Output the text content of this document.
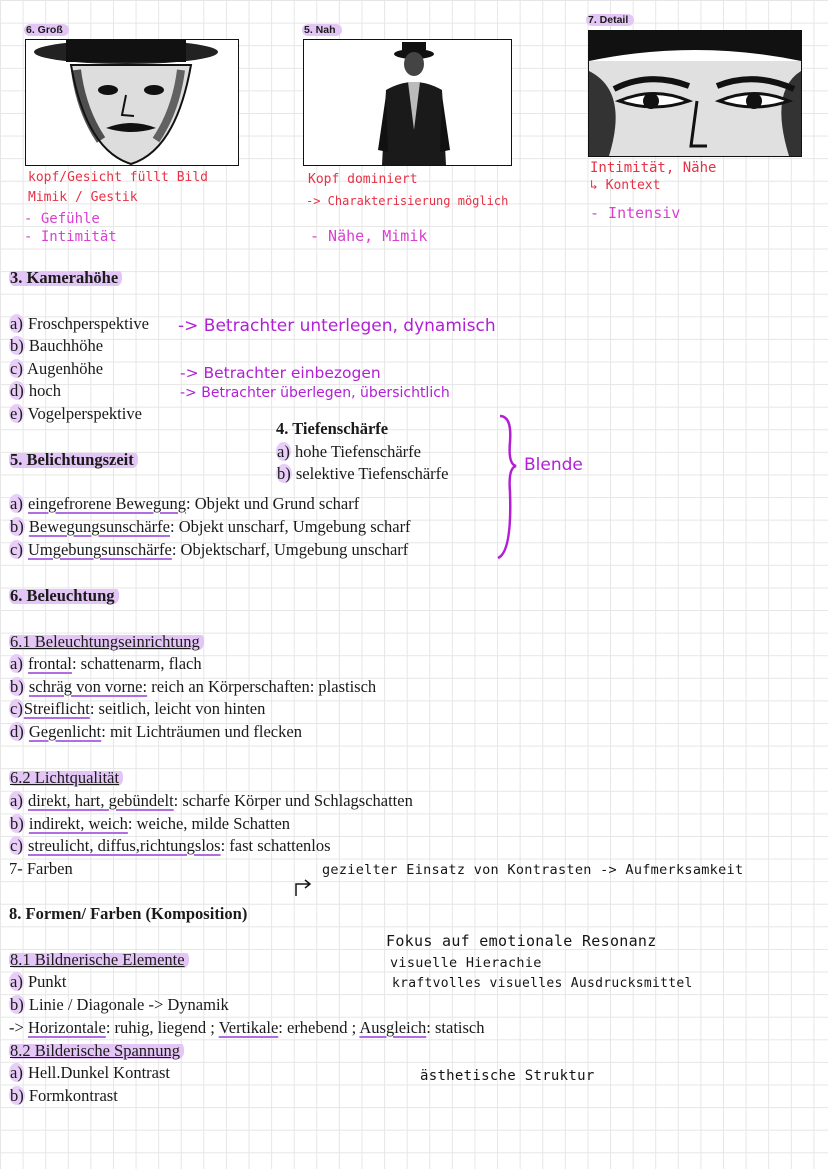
6. Groß	5. Nah
7. Detail
kopf/Gesicht füllt Bild
Mimik / Gestik
- Gefühle
- Intimität
Kopf dominiert
-> Charakterisierung möglich
- Nähe, Mimik
Intimität, Nähe
↳ Kontext
- Intensiv
3. Kamerahöhe
a) Froschperspektive
b) Bauchhöhe
c) Augenhöhe
d) hoch
e) Vogelperspektive
-> Betrachter unterlegen, dynamisch
-> Betrachter einbezogen
-> Betrachter überlegen, übersichtlich
4. Tiefenschärfe
a) hohe Tiefenschärfe
b) selektive Tiefenschärfe	Blende
5. Belichtungszeit
a) eingefrorene Bewegung: Objekt und Grund scharf
b) Bewegungsunschärfe: Objekt unscharf, Umgebung scharf
c) Umgebungsunschärfe: Objektscharf, Umgebung unscharf
6. Beleuchtung
6.1 Beleuchtungseinrichtung
a) frontal: schattenarm, flach
b) schräg von vorne: reich an Körperschaften: plastisch
c)Streiflicht: seitlich, leicht von hinten
d) Gegenlicht: mit Lichträumen und flecken
6.2 Lichtqualität
a) direkt, hart, gebündelt: scharfe Körper und Schlagschatten
b) indirekt, weich: weiche, milde Schatten
c) streulicht, diffus,richtungslos: fast schattenlos
7- Farben	gezielter Einsatz von Kontrasten -> Aufmerksamkeit
8. Formen/ Farben (Komposition)
8.1 Bildnerische Elemente
a) Punkt
b) Linie / Diagonale -> Dynamik
-> Horizontale: ruhig, liegend ; Vertikale: erhebend ; Ausgleich: statisch
Fokus auf emotionale Resonanz
visuelle Hierachie
kraftvolles visuelles Ausdrucksmittel
8.2 Bilderische Spannung
a) Hell.Dunkel Kontrast
b) Formkontrast
ästhetische Struktur
